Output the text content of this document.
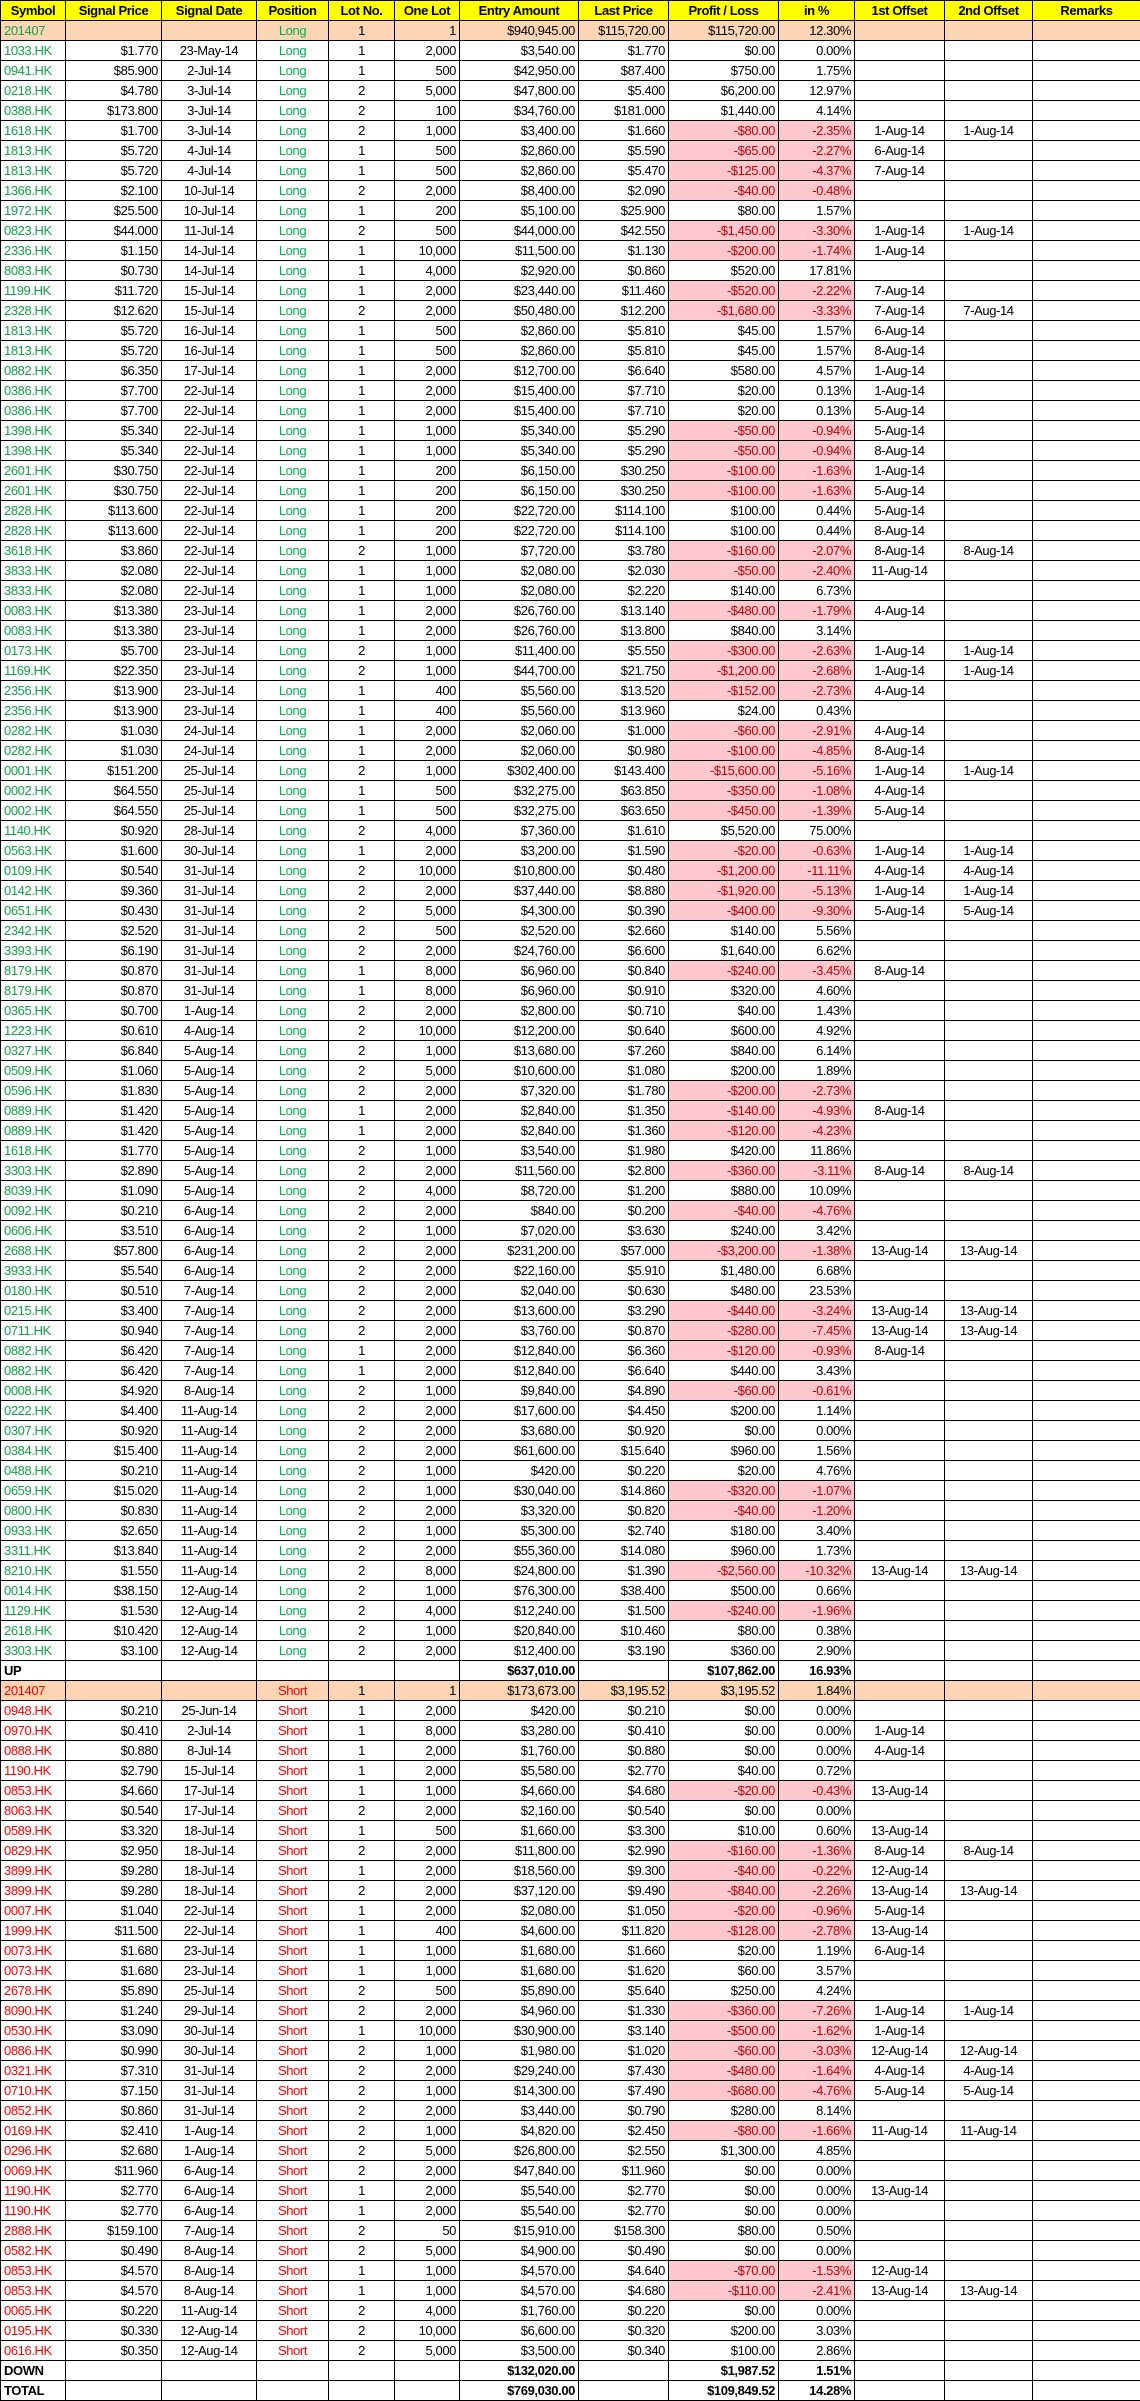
Symbol	Signal Price	Signal Date	Position	Lot No.	One Lot	Entry Amount	Last Price	Profit / Loss	in %	1st Offset	2nd Offset	Remarks
201407			Long	1	1	$940,945.00	$115,720.00	$115,720.00	12.30%			
1033.HK	$1.770	23-May-14	Long	1	2,000	$3,540.00	$1.770	$0.00	0.00%			
0941.HK	$85.900	2-Jul-14	Long	1	500	$42,950.00	$87.400	$750.00	1.75%			
0218.HK	$4.780	3-Jul-14	Long	2	5,000	$47,800.00	$5.400	$6,200.00	12.97%			
0388.HK	$173.800	3-Jul-14	Long	2	100	$34,760.00	$181.000	$1,440.00	4.14%			
1618.HK	$1.700	3-Jul-14	Long	2	1,000	$3,400.00	$1.660	-$80.00	-2.35%	1-Aug-14	1-Aug-14	
1813.HK	$5.720	4-Jul-14	Long	1	500	$2,860.00	$5.590	-$65.00	-2.27%	6-Aug-14		
1813.HK	$5.720	4-Jul-14	Long	1	500	$2,860.00	$5.470	-$125.00	-4.37%	7-Aug-14		
1366.HK	$2.100	10-Jul-14	Long	2	2,000	$8,400.00	$2.090	-$40.00	-0.48%			
1972.HK	$25.500	10-Jul-14	Long	1	200	$5,100.00	$25.900	$80.00	1.57%			
0823.HK	$44.000	11-Jul-14	Long	2	500	$44,000.00	$42.550	-$1,450.00	-3.30%	1-Aug-14	1-Aug-14	
2336.HK	$1.150	14-Jul-14	Long	1	10,000	$11,500.00	$1.130	-$200.00	-1.74%	1-Aug-14		
8083.HK	$0.730	14-Jul-14	Long	1	4,000	$2,920.00	$0.860	$520.00	17.81%			
1199.HK	$11.720	15-Jul-14	Long	1	2,000	$23,440.00	$11.460	-$520.00	-2.22%	7-Aug-14		
2328.HK	$12.620	15-Jul-14	Long	2	2,000	$50,480.00	$12.200	-$1,680.00	-3.33%	7-Aug-14	7-Aug-14	
1813.HK	$5.720	16-Jul-14	Long	1	500	$2,860.00	$5.810	$45.00	1.57%	6-Aug-14		
1813.HK	$5.720	16-Jul-14	Long	1	500	$2,860.00	$5.810	$45.00	1.57%	8-Aug-14		
0882.HK	$6.350	17-Jul-14	Long	1	2,000	$12,700.00	$6.640	$580.00	4.57%	1-Aug-14		
0386.HK	$7.700	22-Jul-14	Long	1	2,000	$15,400.00	$7.710	$20.00	0.13%	1-Aug-14		
0386.HK	$7.700	22-Jul-14	Long	1	2,000	$15,400.00	$7.710	$20.00	0.13%	5-Aug-14		
1398.HK	$5.340	22-Jul-14	Long	1	1,000	$5,340.00	$5.290	-$50.00	-0.94%	5-Aug-14		
1398.HK	$5.340	22-Jul-14	Long	1	1,000	$5,340.00	$5.290	-$50.00	-0.94%	8-Aug-14		
2601.HK	$30.750	22-Jul-14	Long	1	200	$6,150.00	$30.250	-$100.00	-1.63%	1-Aug-14		
2601.HK	$30.750	22-Jul-14	Long	1	200	$6,150.00	$30.250	-$100.00	-1.63%	5-Aug-14		
2828.HK	$113.600	22-Jul-14	Long	1	200	$22,720.00	$114.100	$100.00	0.44%	5-Aug-14		
2828.HK	$113.600	22-Jul-14	Long	1	200	$22,720.00	$114.100	$100.00	0.44%	8-Aug-14		
3618.HK	$3.860	22-Jul-14	Long	2	1,000	$7,720.00	$3.780	-$160.00	-2.07%	8-Aug-14	8-Aug-14	
3833.HK	$2.080	22-Jul-14	Long	1	1,000	$2,080.00	$2.030	-$50.00	-2.40%	11-Aug-14		
3833.HK	$2.080	22-Jul-14	Long	1	1,000	$2,080.00	$2.220	$140.00	6.73%			
0083.HK	$13.380	23-Jul-14	Long	1	2,000	$26,760.00	$13.140	-$480.00	-1.79%	4-Aug-14		
0083.HK	$13.380	23-Jul-14	Long	1	2,000	$26,760.00	$13.800	$840.00	3.14%			
0173.HK	$5.700	23-Jul-14	Long	2	1,000	$11,400.00	$5.550	-$300.00	-2.63%	1-Aug-14	1-Aug-14	
1169.HK	$22.350	23-Jul-14	Long	2	1,000	$44,700.00	$21.750	-$1,200.00	-2.68%	1-Aug-14	1-Aug-14	
2356.HK	$13.900	23-Jul-14	Long	1	400	$5,560.00	$13.520	-$152.00	-2.73%	4-Aug-14		
2356.HK	$13.900	23-Jul-14	Long	1	400	$5,560.00	$13.960	$24.00	0.43%			
0282.HK	$1.030	24-Jul-14	Long	1	2,000	$2,060.00	$1.000	-$60.00	-2.91%	4-Aug-14		
0282.HK	$1.030	24-Jul-14	Long	1	2,000	$2,060.00	$0.980	-$100.00	-4.85%	8-Aug-14		
0001.HK	$151.200	25-Jul-14	Long	2	1,000	$302,400.00	$143.400	-$15,600.00	-5.16%	1-Aug-14	1-Aug-14	
0002.HK	$64.550	25-Jul-14	Long	1	500	$32,275.00	$63.850	-$350.00	-1.08%	4-Aug-14		
0002.HK	$64.550	25-Jul-14	Long	1	500	$32,275.00	$63.650	-$450.00	-1.39%	5-Aug-14		
1140.HK	$0.920	28-Jul-14	Long	2	4,000	$7,360.00	$1.610	$5,520.00	75.00%			
0563.HK	$1.600	30-Jul-14	Long	1	2,000	$3,200.00	$1.590	-$20.00	-0.63%	1-Aug-14	1-Aug-14	
0109.HK	$0.540	31-Jul-14	Long	2	10,000	$10,800.00	$0.480	-$1,200.00	-11.11%	4-Aug-14	4-Aug-14	
0142.HK	$9.360	31-Jul-14	Long	2	2,000	$37,440.00	$8.880	-$1,920.00	-5.13%	1-Aug-14	1-Aug-14	
0651.HK	$0.430	31-Jul-14	Long	2	5,000	$4,300.00	$0.390	-$400.00	-9.30%	5-Aug-14	5-Aug-14	
2342.HK	$2.520	31-Jul-14	Long	2	500	$2,520.00	$2.660	$140.00	5.56%			
3393.HK	$6.190	31-Jul-14	Long	2	2,000	$24,760.00	$6.600	$1,640.00	6.62%			
8179.HK	$0.870	31-Jul-14	Long	1	8,000	$6,960.00	$0.840	-$240.00	-3.45%	8-Aug-14		
8179.HK	$0.870	31-Jul-14	Long	1	8,000	$6,960.00	$0.910	$320.00	4.60%			
0365.HK	$0.700	1-Aug-14	Long	2	2,000	$2,800.00	$0.710	$40.00	1.43%			
1223.HK	$0.610	4-Aug-14	Long	2	10,000	$12,200.00	$0.640	$600.00	4.92%			
0327.HK	$6.840	5-Aug-14	Long	2	1,000	$13,680.00	$7.260	$840.00	6.14%			
0509.HK	$1.060	5-Aug-14	Long	2	5,000	$10,600.00	$1.080	$200.00	1.89%			
0596.HK	$1.830	5-Aug-14	Long	2	2,000	$7,320.00	$1.780	-$200.00	-2.73%			
0889.HK	$1.420	5-Aug-14	Long	1	2,000	$2,840.00	$1.350	-$140.00	-4.93%	8-Aug-14		
0889.HK	$1.420	5-Aug-14	Long	1	2,000	$2,840.00	$1.360	-$120.00	-4.23%			
1618.HK	$1.770	5-Aug-14	Long	2	1,000	$3,540.00	$1.980	$420.00	11.86%			
3303.HK	$2.890	5-Aug-14	Long	2	2,000	$11,560.00	$2.800	-$360.00	-3.11%	8-Aug-14	8-Aug-14	
8039.HK	$1.090	5-Aug-14	Long	2	4,000	$8,720.00	$1.200	$880.00	10.09%			
0092.HK	$0.210	6-Aug-14	Long	2	2,000	$840.00	$0.200	-$40.00	-4.76%			
0606.HK	$3.510	6-Aug-14	Long	2	1,000	$7,020.00	$3.630	$240.00	3.42%			
2688.HK	$57.800	6-Aug-14	Long	2	2,000	$231,200.00	$57.000	-$3,200.00	-1.38%	13-Aug-14	13-Aug-14	
3933.HK	$5.540	6-Aug-14	Long	2	2,000	$22,160.00	$5.910	$1,480.00	6.68%			
0180.HK	$0.510	7-Aug-14	Long	2	2,000	$2,040.00	$0.630	$480.00	23.53%			
0215.HK	$3.400	7-Aug-14	Long	2	2,000	$13,600.00	$3.290	-$440.00	-3.24%	13-Aug-14	13-Aug-14	
0711.HK	$0.940	7-Aug-14	Long	2	2,000	$3,760.00	$0.870	-$280.00	-7.45%	13-Aug-14	13-Aug-14	
0882.HK	$6.420	7-Aug-14	Long	1	2,000	$12,840.00	$6.360	-$120.00	-0.93%	8-Aug-14		
0882.HK	$6.420	7-Aug-14	Long	1	2,000	$12,840.00	$6.640	$440.00	3.43%			
0008.HK	$4.920	8-Aug-14	Long	2	1,000	$9,840.00	$4.890	-$60.00	-0.61%			
0222.HK	$4.400	11-Aug-14	Long	2	2,000	$17,600.00	$4.450	$200.00	1.14%			
0307.HK	$0.920	11-Aug-14	Long	2	2,000	$3,680.00	$0.920	$0.00	0.00%			
0384.HK	$15.400	11-Aug-14	Long	2	2,000	$61,600.00	$15.640	$960.00	1.56%			
0488.HK	$0.210	11-Aug-14	Long	2	1,000	$420.00	$0.220	$20.00	4.76%			
0659.HK	$15.020	11-Aug-14	Long	2	1,000	$30,040.00	$14.860	-$320.00	-1.07%			
0800.HK	$0.830	11-Aug-14	Long	2	2,000	$3,320.00	$0.820	-$40.00	-1.20%			
0933.HK	$2.650	11-Aug-14	Long	2	1,000	$5,300.00	$2.740	$180.00	3.40%			
3311.HK	$13.840	11-Aug-14	Long	2	2,000	$55,360.00	$14.080	$960.00	1.73%			
8210.HK	$1.550	11-Aug-14	Long	2	8,000	$24,800.00	$1.390	-$2,560.00	-10.32%	13-Aug-14	13-Aug-14	
0014.HK	$38.150	12-Aug-14	Long	2	1,000	$76,300.00	$38.400	$500.00	0.66%			
1129.HK	$1.530	12-Aug-14	Long	2	4,000	$12,240.00	$1.500	-$240.00	-1.96%			
2618.HK	$10.420	12-Aug-14	Long	2	1,000	$20,840.00	$10.460	$80.00	0.38%			
3303.HK	$3.100	12-Aug-14	Long	2	2,000	$12,400.00	$3.190	$360.00	2.90%			
UP						$637,010.00		$107,862.00	16.93%			
201407			Short	1	1	$173,673.00	$3,195.52	$3,195.52	1.84%			
0948.HK	$0.210	25-Jun-14	Short	1	2,000	$420.00	$0.210	$0.00	0.00%			
0970.HK	$0.410	2-Jul-14	Short	1	8,000	$3,280.00	$0.410	$0.00	0.00%	1-Aug-14		
0888.HK	$0.880	8-Jul-14	Short	1	2,000	$1,760.00	$0.880	$0.00	0.00%	4-Aug-14		
1190.HK	$2.790	15-Jul-14	Short	1	2,000	$5,580.00	$2.770	$40.00	0.72%			
0853.HK	$4.660	17-Jul-14	Short	1	1,000	$4,660.00	$4.680	-$20.00	-0.43%	13-Aug-14		
8063.HK	$0.540	17-Jul-14	Short	2	2,000	$2,160.00	$0.540	$0.00	0.00%			
0589.HK	$3.320	18-Jul-14	Short	1	500	$1,660.00	$3.300	$10.00	0.60%	13-Aug-14		
0829.HK	$2.950	18-Jul-14	Short	2	2,000	$11,800.00	$2.990	-$160.00	-1.36%	8-Aug-14	8-Aug-14	
3899.HK	$9.280	18-Jul-14	Short	1	2,000	$18,560.00	$9.300	-$40.00	-0.22%	12-Aug-14		
3899.HK	$9.280	18-Jul-14	Short	2	2,000	$37,120.00	$9.490	-$840.00	-2.26%	13-Aug-14	13-Aug-14	
0007.HK	$1.040	22-Jul-14	Short	1	2,000	$2,080.00	$1.050	-$20.00	-0.96%	5-Aug-14		
1999.HK	$11.500	22-Jul-14	Short	1	400	$4,600.00	$11.820	-$128.00	-2.78%	13-Aug-14		
0073.HK	$1.680	23-Jul-14	Short	1	1,000	$1,680.00	$1.660	$20.00	1.19%	6-Aug-14		
0073.HK	$1.680	23-Jul-14	Short	1	1,000	$1,680.00	$1.620	$60.00	3.57%			
2678.HK	$5.890	25-Jul-14	Short	2	500	$5,890.00	$5.640	$250.00	4.24%			
8090.HK	$1.240	29-Jul-14	Short	2	2,000	$4,960.00	$1.330	-$360.00	-7.26%	1-Aug-14	1-Aug-14	
0530.HK	$3.090	30-Jul-14	Short	1	10,000	$30,900.00	$3.140	-$500.00	-1.62%	1-Aug-14		
0886.HK	$0.990	30-Jul-14	Short	2	1,000	$1,980.00	$1.020	-$60.00	-3.03%	12-Aug-14	12-Aug-14	
0321.HK	$7.310	31-Jul-14	Short	2	2,000	$29,240.00	$7.430	-$480.00	-1.64%	4-Aug-14	4-Aug-14	
0710.HK	$7.150	31-Jul-14	Short	2	1,000	$14,300.00	$7.490	-$680.00	-4.76%	5-Aug-14	5-Aug-14	
0852.HK	$0.860	31-Jul-14	Short	2	2,000	$3,440.00	$0.790	$280.00	8.14%			
0169.HK	$2.410	1-Aug-14	Short	2	1,000	$4,820.00	$2.450	-$80.00	-1.66%	11-Aug-14	11-Aug-14	
0296.HK	$2.680	1-Aug-14	Short	2	5,000	$26,800.00	$2.550	$1,300.00	4.85%			
0069.HK	$11.960	6-Aug-14	Short	2	2,000	$47,840.00	$11.960	$0.00	0.00%			
1190.HK	$2.770	6-Aug-14	Short	1	2,000	$5,540.00	$2.770	$0.00	0.00%	13-Aug-14		
1190.HK	$2.770	6-Aug-14	Short	1	2,000	$5,540.00	$2.770	$0.00	0.00%			
2888.HK	$159.100	7-Aug-14	Short	2	50	$15,910.00	$158.300	$80.00	0.50%			
0582.HK	$0.490	8-Aug-14	Short	2	5,000	$4,900.00	$0.490	$0.00	0.00%			
0853.HK	$4.570	8-Aug-14	Short	1	1,000	$4,570.00	$4.640	-$70.00	-1.53%	12-Aug-14		
0853.HK	$4.570	8-Aug-14	Short	1	1,000	$4,570.00	$4.680	-$110.00	-2.41%	13-Aug-14	13-Aug-14	
0065.HK	$0.220	11-Aug-14	Short	2	4,000	$1,760.00	$0.220	$0.00	0.00%			
0195.HK	$0.330	12-Aug-14	Short	2	10,000	$6,600.00	$0.320	$200.00	3.03%			
0616.HK	$0.350	12-Aug-14	Short	2	5,000	$3,500.00	$0.340	$100.00	2.86%			
DOWN						$132,020.00		$1,987.52	1.51%			
TOTAL						$769,030.00		$109,849.52	14.28%			
